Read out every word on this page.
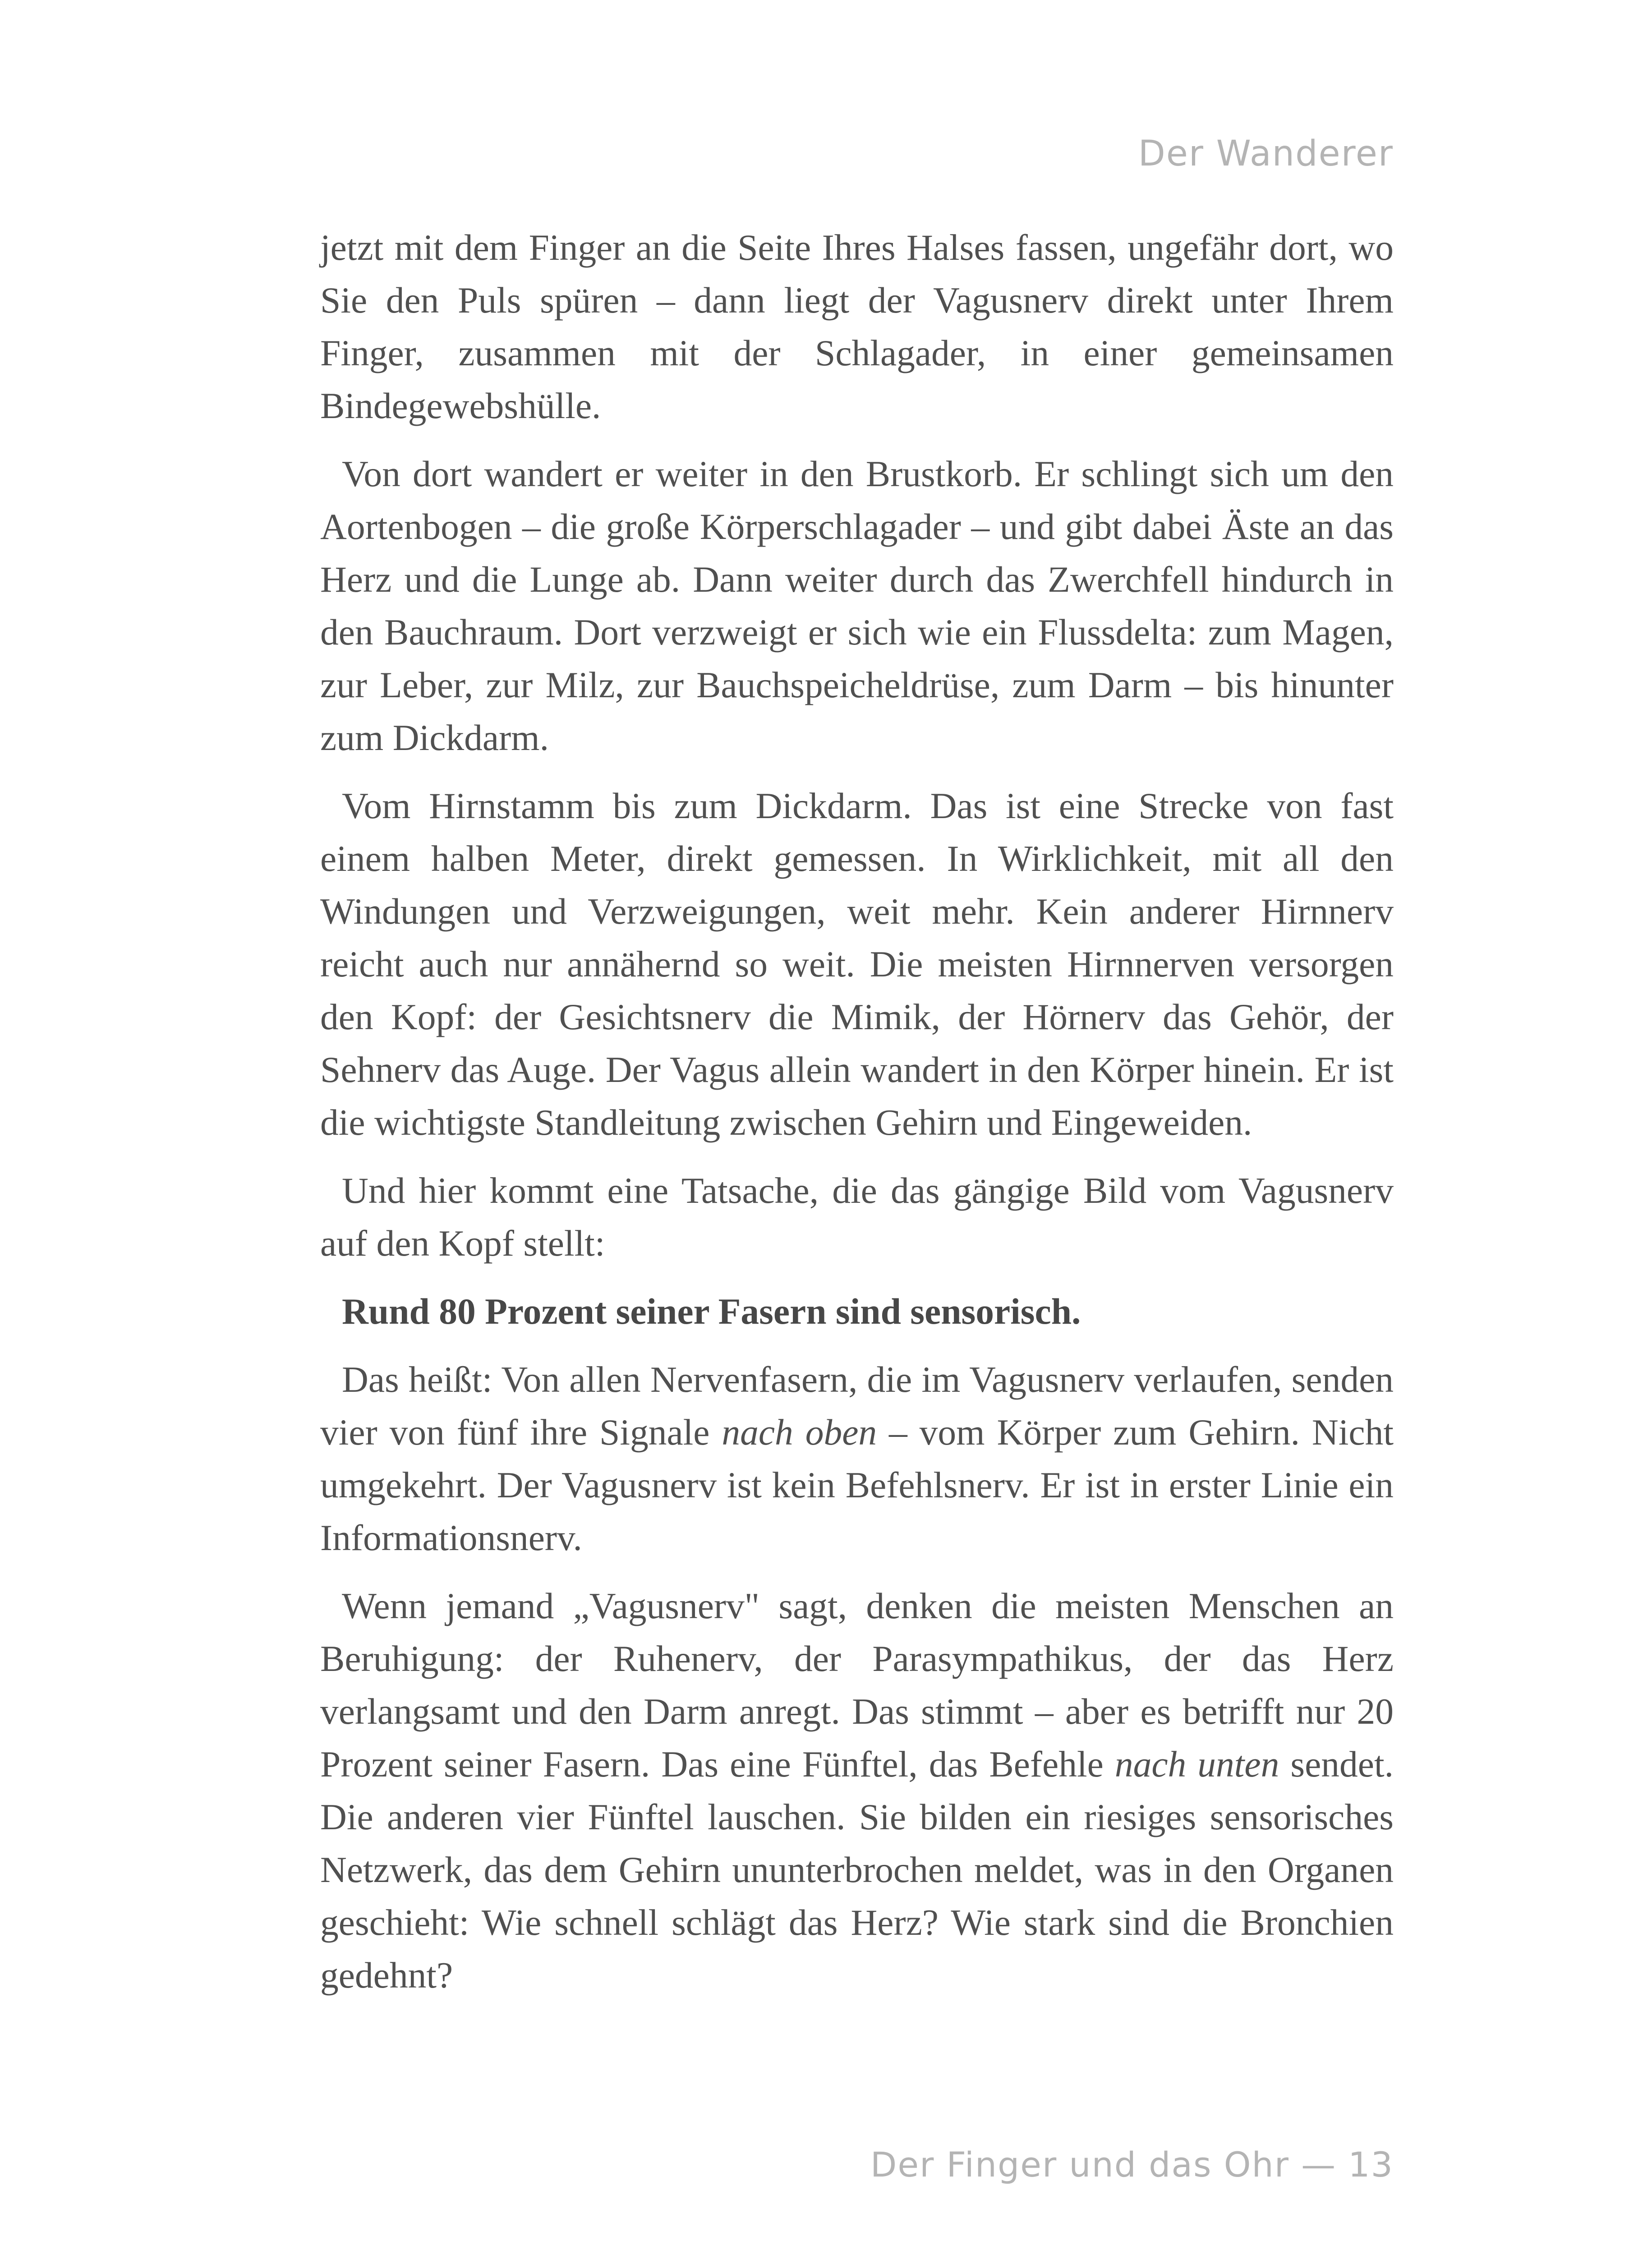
Der Wanderer

jetzt mit dem Finger an die Seite Ihres Halses fassen, ungefähr dort, wo Sie den Puls spüren – dann liegt der Vagusnerv direkt unter Ihrem Finger, zusammen mit der Schlagader, in einer gemeinsamen Bindegewebshülle.

Von dort wandert er weiter in den Brustkorb. Er schlingt sich um den Aortenbogen – die große Körperschlagader – und gibt dabei Äste an das Herz und die Lunge ab. Dann weiter durch das Zwerchfell hindurch in den Bauchraum. Dort verzweigt er sich wie ein Flussdelta: zum Magen, zur Leber, zur Milz, zur Bauchspeicheldrüse, zum Darm – bis hinunter zum Dickdarm.

Vom Hirnstamm bis zum Dickdarm. Das ist eine Strecke von fast einem halben Meter, direkt gemessen. In Wirklichkeit, mit all den Windungen und Verzweigungen, weit mehr. Kein anderer Hirnnerv reicht auch nur annähernd so weit. Die meisten Hirnnerven versorgen den Kopf: der Gesichtsnerv die Mimik, der Hörnerv das Gehör, der Sehnerv das Auge. Der Vagus allein wandert in den Körper hinein. Er ist die wichtigste Standleitung zwischen Gehirn und Eingeweiden.

Und hier kommt eine Tatsache, die das gängige Bild vom Vagusnerv auf den Kopf stellt:

Rund 80 Prozent seiner Fasern sind sensorisch.

Das heißt: Von allen Nervenfasern, die im Vagusnerv verlaufen, senden vier von fünf ihre Signale nach oben – vom Körper zum Gehirn. Nicht umgekehrt. Der Vagusnerv ist kein Befehlsnerv. Er ist in erster Linie ein Informationsnerv.

Wenn jemand „Vagusnerv" sagt, denken die meisten Menschen an Beruhigung: der Ruhenerv, der Parasympathikus, der das Herz verlangsamt und den Darm anregt. Das stimmt – aber es betrifft nur 20 Prozent seiner Fasern. Das eine Fünftel, das Befehle nach unten sendet. Die anderen vier Fünftel lauschen. Sie bilden ein riesiges sensorisches Netzwerk, das dem Gehirn ununterbrochen meldet, was in den Organen geschieht: Wie schnell schlägt das Herz? Wie stark sind die Bronchien gedehnt?

Der Finger und das Ohr — 13
